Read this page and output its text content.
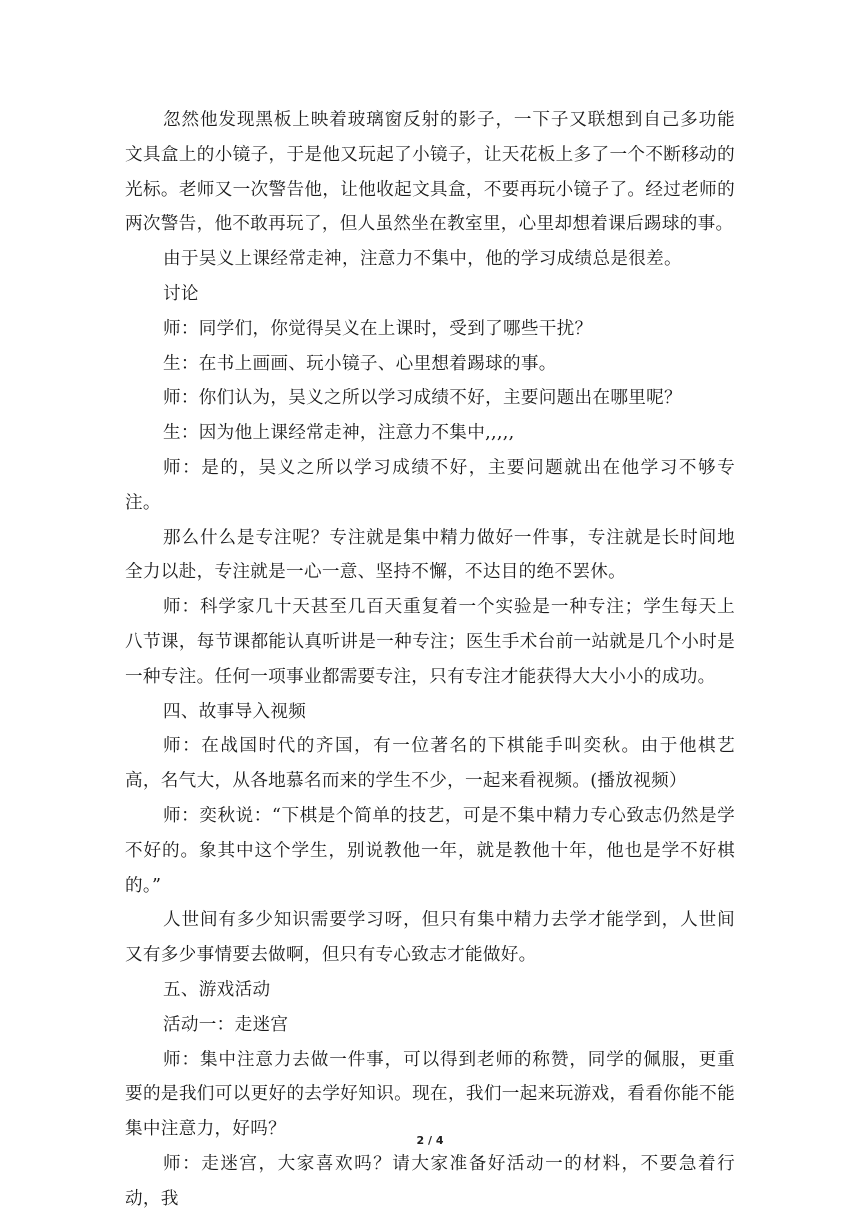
忽然他发现黑板上映着玻璃窗反射的影子，一下子又联想到自己多功能文具盒上的小镜子，于是他又玩起了小镜子，让天花板上多了一个不断移动的光标。老师又一次警告他，让他收起文具盒，不要再玩小镜子了。经过老师的两次警告，他不敢再玩了，但人虽然坐在教室里，心里却想着课后踢球的事。

由于吴义上课经常走神，注意力不集中，他的学习成绩总是很差。

讨论

师：同学们，你觉得吴义在上课时，受到了哪些干扰？

生：在书上画画、玩小镜子、心里想着踢球的事。

师：你们认为，吴义之所以学习成绩不好，主要问题出在哪里呢？

生：因为他上课经常走神，注意力不集中,,,,,

师：是的，吴义之所以学习成绩不好，主要问题就出在他学习不够专注。

那么什么是专注呢？专注就是集中精力做好一件事，专注就是长时间地全力以赴，专注就是一心一意、坚持不懈，不达目的绝不罢休。

师：科学家几十天甚至几百天重复着一个实验是一种专注；学生每天上八节课，每节课都能认真听讲是一种专注；医生手术台前一站就是几个小时是一种专注。任何一项事业都需要专注，只有专注才能获得大大小小的成功。

四、故事导入视频

师：在战国时代的齐国，有一位著名的下棋能手叫奕秋。由于他棋艺高，名气大，从各地慕名而来的学生不少，一起来看视频。(播放视频）

师：奕秋说：“下棋是个简单的技艺，可是不集中精力专心致志仍然是学不好的。象其中这个学生，别说教他一年，就是教他十年，他也是学不好棋的。”

人世间有多少知识需要学习呀，但只有集中精力去学才能学到，人世间又有多少事情要去做啊，但只有专心致志才能做好。

五、游戏活动

活动一：走迷宫

师：集中注意力去做一件事，可以得到老师的称赞，同学的佩服，更重要的是我们可以更好的去学好知识。现在，我们一起来玩游戏，看看你能不能集中注意力，好吗？

师：走迷宫，大家喜欢吗？请大家准备好活动一的材料，不要急着行动，我

2 / 4
